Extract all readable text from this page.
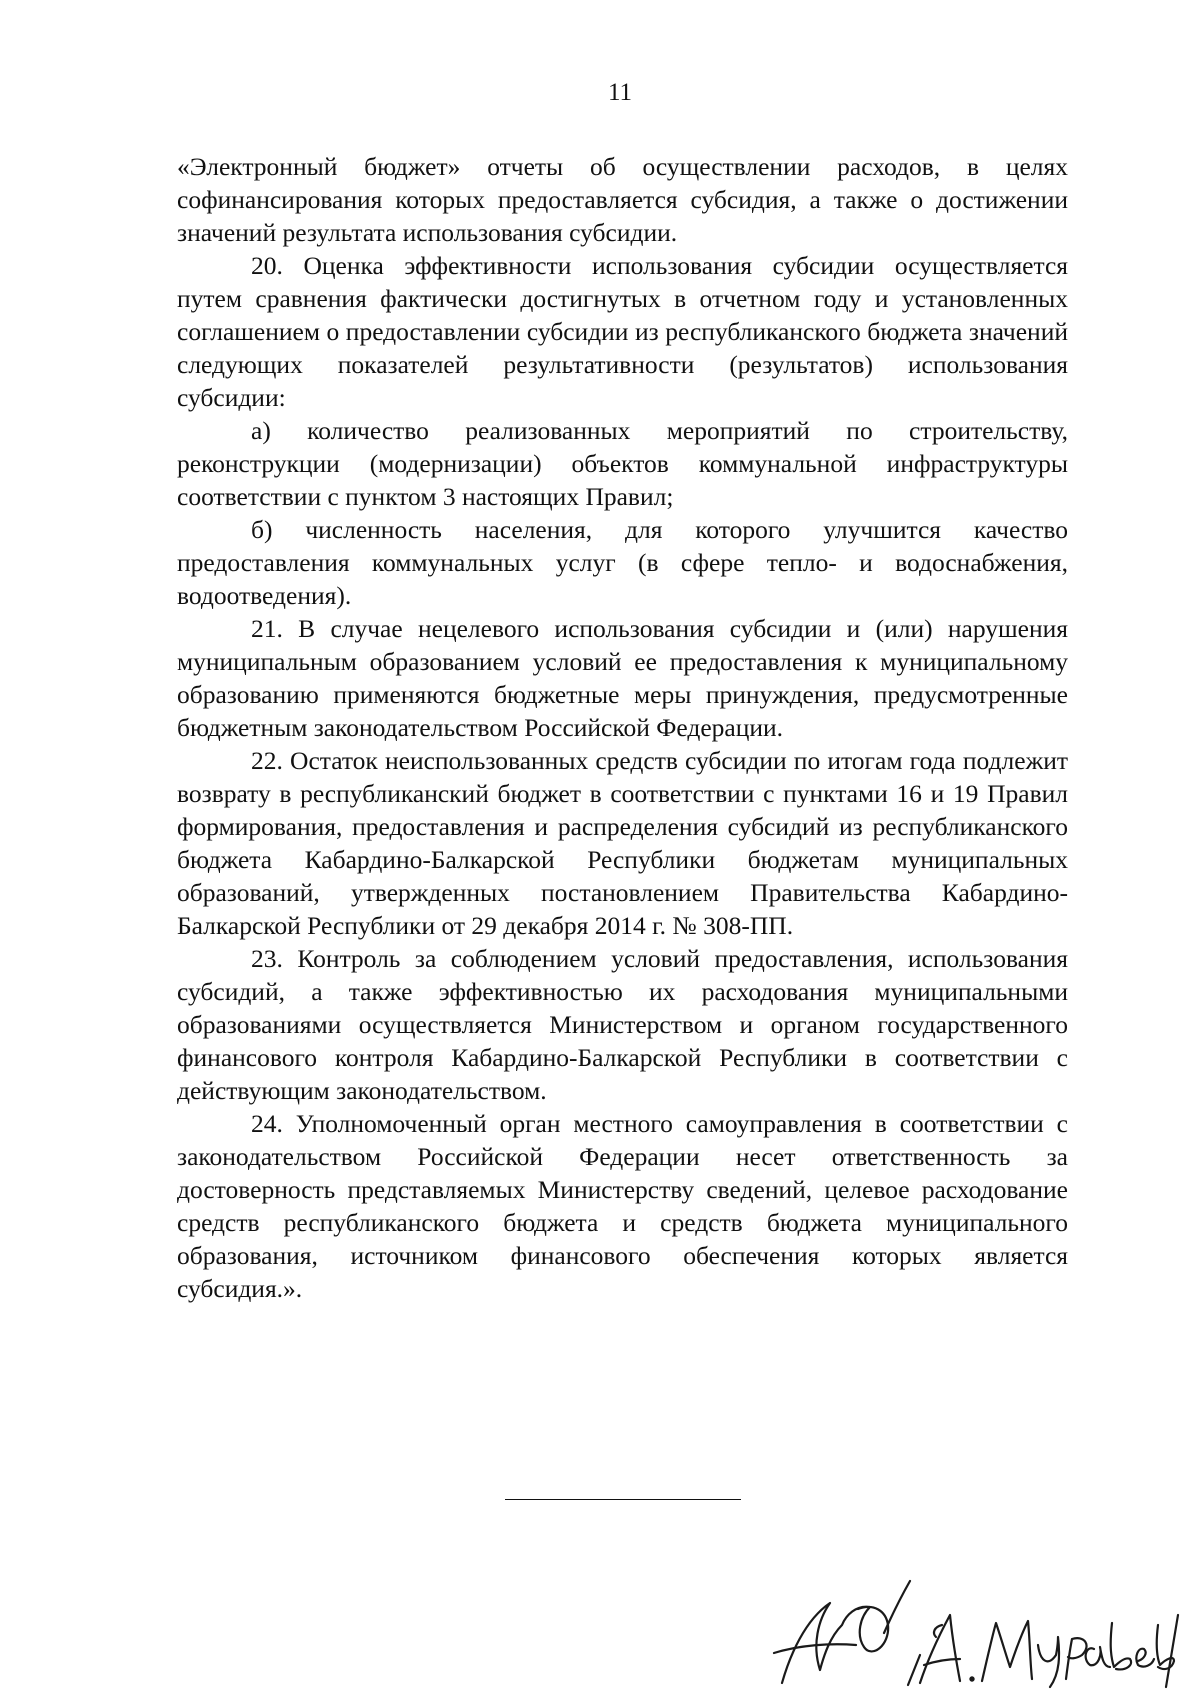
11

«Электронный бюджет» отчеты об осуществлении расходов, в целях софинансирования которых предоставляется субсидия, а также о достижении значений результата использования субсидии.

20. Оценка эффективности использования субсидии осуществляется путем сравнения фактически достигнутых в отчетном году и установленных соглашением о предоставлении субсидии из республиканского бюджета значений следующих показателей результативности (результатов) использования субсидии:

а) количество реализованных мероприятий по строительству, реконструкции (модернизации) объектов коммунальной инфраструктуры соответствии с пунктом 3 настоящих Правил;

б) численность населения, для которого улучшится качество предоставления коммунальных услуг (в сфере тепло- и водоснабжения, водоотведения).

21. В случае нецелевого использования субсидии и (или) нарушения муниципальным образованием условий ее предоставления к муниципальному образованию применяются бюджетные меры принуждения, предусмотренные бюджетным законодательством Российской Федерации.

22. Остаток неиспользованных средств субсидии по итогам года подлежит возврату в республиканский бюджет в соответствии с пунктами 16 и 19 Правил формирования, предоставления и распределения субсидий из республиканского бюджета Кабардино-Балкарской Республики бюджетам муниципальных образований, утвержденных постановлением Правительства Кабардино-Балкарской Республики от 29 декабря 2014 г. № 308-ПП.

23. Контроль за соблюдением условий предоставления, использования субсидий, а также эффективностью их расходования муниципальными образованиями осуществляется Министерством и органом государственного финансового контроля Кабардино-Балкарской Республики в соответствии с действующим законодательством.

24. Уполномоченный орган местного самоуправления в соответствии с законодательством Российской Федерации несет ответственность за достоверность представляемых Министерству сведений, целевое расходование средств республиканского бюджета и средств бюджета муниципального образования, источником финансового обеспечения которых является субсидия.».
